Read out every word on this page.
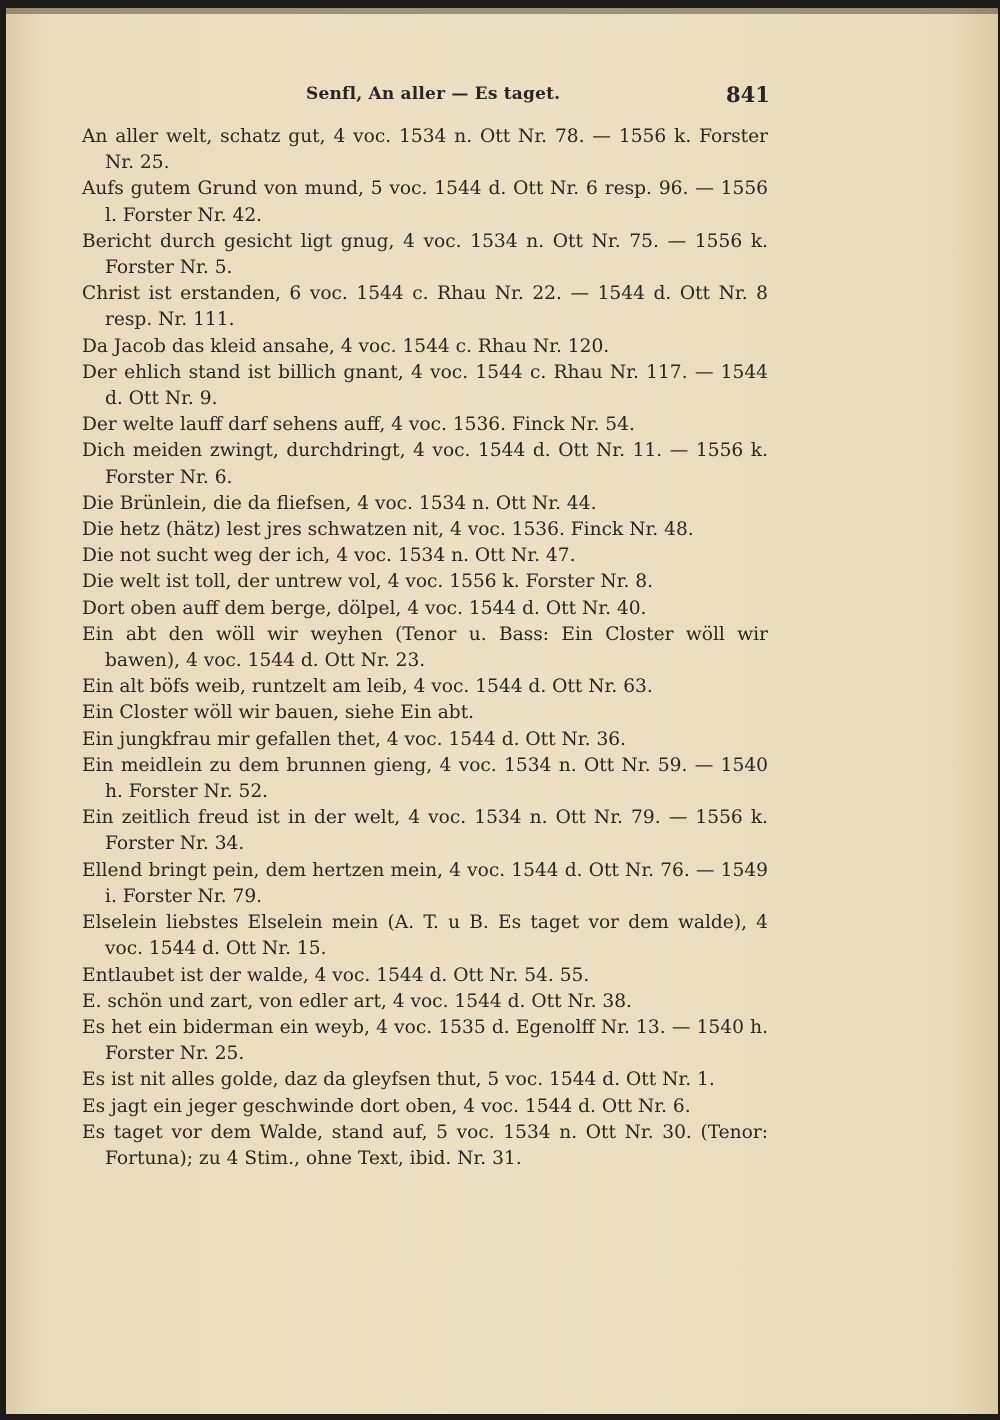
Senfl, An aller — Es taget.	841

An aller welt, schatz gut, 4 voc. 1534 n. Ott Nr. 78. — 1556 k. Forster Nr. 25.

Aufs gutem Grund von mund, 5 voc. 1544 d. Ott Nr. 6 resp. 96. — 1556 l. Forster Nr. 42.

Bericht durch gesicht ligt gnug, 4 voc. 1534 n. Ott Nr. 75. — 1556 k. Forster Nr. 5.

Christ ist erstanden, 6 voc. 1544 c. Rhau Nr. 22. — 1544 d. Ott Nr. 8 resp. Nr. 111.

Da Jacob das kleid ansahe, 4 voc. 1544 c. Rhau Nr. 120.

Der ehlich stand ist billich gnant, 4 voc. 1544 c. Rhau Nr. 117. — 1544 d. Ott Nr. 9.

Der welte lauff darf sehens auff, 4 voc. 1536. Finck Nr. 54.

Dich meiden zwingt, durchdringt, 4 voc. 1544 d. Ott Nr. 11. — 1556 k. Forster Nr. 6.

Die Brünlein, die da fliefsen, 4 voc. 1534 n. Ott Nr. 44.

Die hetz (hätz) lest jres schwatzen nit, 4 voc. 1536. Finck Nr. 48.

Die not sucht weg der ich, 4 voc. 1534 n. Ott Nr. 47.

Die welt ist toll, der untrew vol, 4 voc. 1556 k. Forster Nr. 8.

Dort oben auff dem berge, dölpel, 4 voc. 1544 d. Ott Nr. 40.

Ein abt den wöll wir weyhen (Tenor u. Bass: Ein Closter wöll wir bawen), 4 voc. 1544 d. Ott Nr. 23.

Ein alt böfs weib, runtzelt am leib, 4 voc. 1544 d. Ott Nr. 63.

Ein Closter wöll wir bauen, siehe Ein abt.

Ein jungkfrau mir gefallen thet, 4 voc. 1544 d. Ott Nr. 36.

Ein meidlein zu dem brunnen gieng, 4 voc. 1534 n. Ott Nr. 59. — 1540 h. Forster Nr. 52.

Ein zeitlich freud ist in der welt, 4 voc. 1534 n. Ott Nr. 79. — 1556 k. Forster Nr. 34.

Ellend bringt pein, dem hertzen mein, 4 voc. 1544 d. Ott Nr. 76. — 1549 i. Forster Nr. 79.

Elselein liebstes Elselein mein (A. T. u B. Es taget vor dem walde), 4 voc. 1544 d. Ott Nr. 15.

Entlaubet ist der walde, 4 voc. 1544 d. Ott Nr. 54. 55.

E. schön und zart, von edler art, 4 voc. 1544 d. Ott Nr. 38.

Es het ein biderman ein weyb, 4 voc. 1535 d. Egenolff Nr. 13. — 1540 h. Forster Nr. 25.

Es ist nit alles golde, daz da gleyfsen thut, 5 voc. 1544 d. Ott Nr. 1.

Es jagt ein jeger geschwinde dort oben, 4 voc. 1544 d. Ott Nr. 6.

Es taget vor dem Walde, stand auf, 5 voc. 1534 n. Ott Nr. 30. (Tenor: Fortuna); zu 4 Stim., ohne Text, ibid. Nr. 31.
